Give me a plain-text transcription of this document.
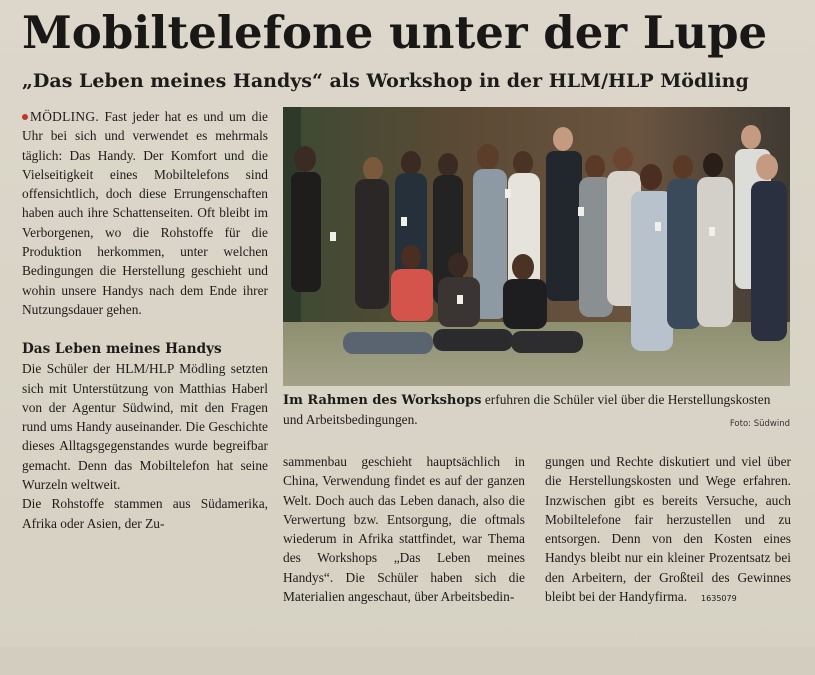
Mobiltelefone unter der Lupe
„Das Leben meines Handys“ als Workshop in der HLM/HLP Mödling

MÖDLING. Fast jeder hat es und um die Uhr bei sich und verwendet es mehrmals täglich: Das Handy. Der Komfort und die Vielseitigkeit eines Mobiltelefons sind offensichtlich, doch diese Errungenschaften haben auch ihre Schattenseiten. Oft bleibt im Verborgenen, wo die Rohstoffe für die Produktion herkommen, unter welchen Bedingungen die Herstellung geschieht und wohin unsere Handys nach dem Ende ihrer Nutzungsdauer gehen.

Das Leben meines Handys

Die Schüler der HLM/HLP Mödling setzten sich mit Unterstützung von Matthias Haberl von der Agentur Südwind, mit den Fragen rund ums Handy auseinander. Die Geschichte dieses Alltagsgegenstandes wurde begreifbar gemacht. Denn das Mobiltelefon hat seine Wurzeln weltweit.

Die Rohstoffe stammen aus Südamerika, Afrika oder Asien, der Zu-

Im Rahmen des Workshops erfuhren die Schüler viel über die Herstellungskosten und Arbeitsbedingungen.	Foto: Südwind

sammenbau geschieht hauptsächlich in China, Verwendung findet es auf der ganzen Welt. Doch auch das Leben danach, also die Verwertung bzw. Entsorgung, die oftmals wiederum in Afrika stattfindet, war Thema des Workshops „Das Leben meines Handys“. Die Schüler haben sich die Materialien angeschaut, über Arbeitsbedin-

gungen und Rechte diskutiert und viel über die Herstellungskosten und Wege erfahren. Inzwischen gibt es bereits Versuche, auch Mobiltelefone fair herzustellen und zu entsorgen. Denn von den Kosten eines Handys bleibt nur ein kleiner Prozentsatz bei den Arbeitern, der Großteil des Gewinnes bleibt bei der Handyfirma. 1635079
